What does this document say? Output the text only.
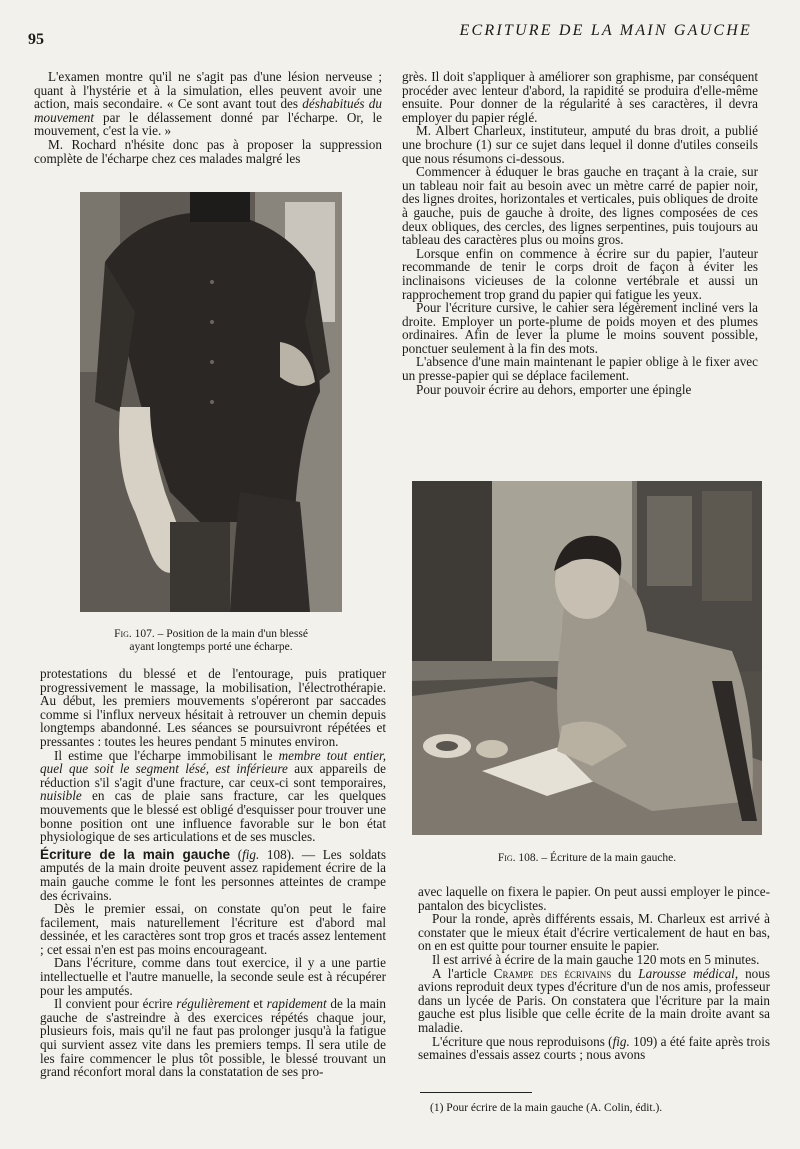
95
ECRITURE DE LA MAIN GAUCHE

L'examen montre qu'il ne s'agit pas d'une lésion nerveuse ; quant à l'hystérie et à la simulation, elles peuvent avoir une action, mais secondaire. « Ce sont avant tout des déshabitués du mouvement par le délassement donné par l'écharpe. Or, le mouvement, c'est la vie. »

M. Rochard n'hésite donc pas à proposer la suppression complète de l'écharpe chez ces malades malgré les

Fig. 107. – Position de la main d'un blessé
ayant longtemps porté une écharpe.

protestations du blessé et de l'entourage, puis pratiquer progressivement le massage, la mobilisation, l'électrothérapie. Au début, les premiers mouvements s'opéreront par saccades comme si l'influx nerveux hésitait à retrouver un chemin depuis longtemps abandonné. Les séances se poursuivront répétées et pressantes : toutes les heures pendant 5 minutes environ.

Il estime que l'écharpe immobilisant le membre tout entier, quel que soit le segment lésé, est inférieure aux appareils de réduction s'il s'agit d'une fracture, car ceux-ci sont temporaires, nuisible en cas de plaie sans fracture, car les quelques mouvements que le blessé est obligé d'esquisser pour trouver une bonne position ont une influence favorable sur le bon état physiologique de ses articulations et de ses muscles.

Écriture de la main gauche (fig. 108). — Les soldats amputés de la main droite peuvent assez rapidement écrire de la main gauche comme le font les personnes atteintes de crampe des écrivains.

Dès le premier essai, on constate qu'on peut le faire facilement, mais naturellement l'écriture est d'abord mal dessinée, et les caractères sont trop gros et tracés assez lentement ; cet essai n'en est pas moins encourageant.

Dans l'écriture, comme dans tout exercice, il y a une partie intellectuelle et l'autre manuelle, la seconde seule est à récupérer pour les amputés.

Il convient pour écrire régulièrement et rapidement de la main gauche de s'astreindre à des exercices répétés chaque jour, plusieurs fois, mais qu'il ne faut pas prolonger jusqu'à la fatigue qui survient assez vite dans les premiers temps. Il sera utile de les faire commencer le plus tôt possible, le blessé trouvant un grand réconfort moral dans la constatation de ses pro-

grès. Il doit s'appliquer à améliorer son graphisme, par conséquent procéder avec lenteur d'abord, la rapidité se produira d'elle-même ensuite. Pour donner de la régularité à ses caractères, il devra employer du papier réglé.

M. Albert Charleux, instituteur, amputé du bras droit, a publié une brochure (1) sur ce sujet dans lequel il donne d'utiles conseils que nous résumons ci-dessous.

Commencer à éduquer le bras gauche en traçant à la craie, sur un tableau noir fait au besoin avec un mètre carré de papier noir, des lignes droites, horizontales et verticales, puis obliques de droite à gauche, puis de gauche à droite, des lignes composées de ces deux obliques, des cercles, des lignes serpentines, puis toujours au tableau des caractères plus ou moins gros.

Lorsque enfin on commence à écrire sur du papier, l'auteur recommande de tenir le corps droit de façon à éviter les inclinaisons vicieuses de la colonne vertébrale et aussi un rapprochement trop grand du papier qui fatigue les yeux.

Pour l'écriture cursive, le cahier sera légèrement incliné vers la droite. Employer un porte-plume de poids moyen et des plumes ordinaires. Afin de lever la plume le moins souvent possible, ponctuer seulement à la fin des mots.

L'absence d'une main maintenant le papier oblige à le fixer avec un presse-papier qui se déplace facilement.

Pour pouvoir écrire au dehors, emporter une épingle

Fig. 108. – Écriture de la main gauche.

avec laquelle on fixera le papier. On peut aussi employer le pince-pantalon des bicyclistes.

Pour la ronde, après différents essais, M. Charleux est arrivé à constater que le mieux était d'écrire verticalement de haut en bas, on en est quitte pour tourner ensuite le papier.

Il est arrivé à écrire de la main gauche 120 mots en 5 minutes.

A l'article Crampe des écrivains du Larousse médical, nous avions reproduit deux types d'écriture d'un de nos amis, professeur dans un lycée de Paris. On constatera que l'écriture par la main gauche est plus lisible que celle écrite de la main droite avant sa maladie.

L'écriture que nous reproduisons (fig. 109) a été faite après trois semaines d'essais assez courts ; nous avons

(1) Pour écrire de la main gauche (A. Colin, édit.).
